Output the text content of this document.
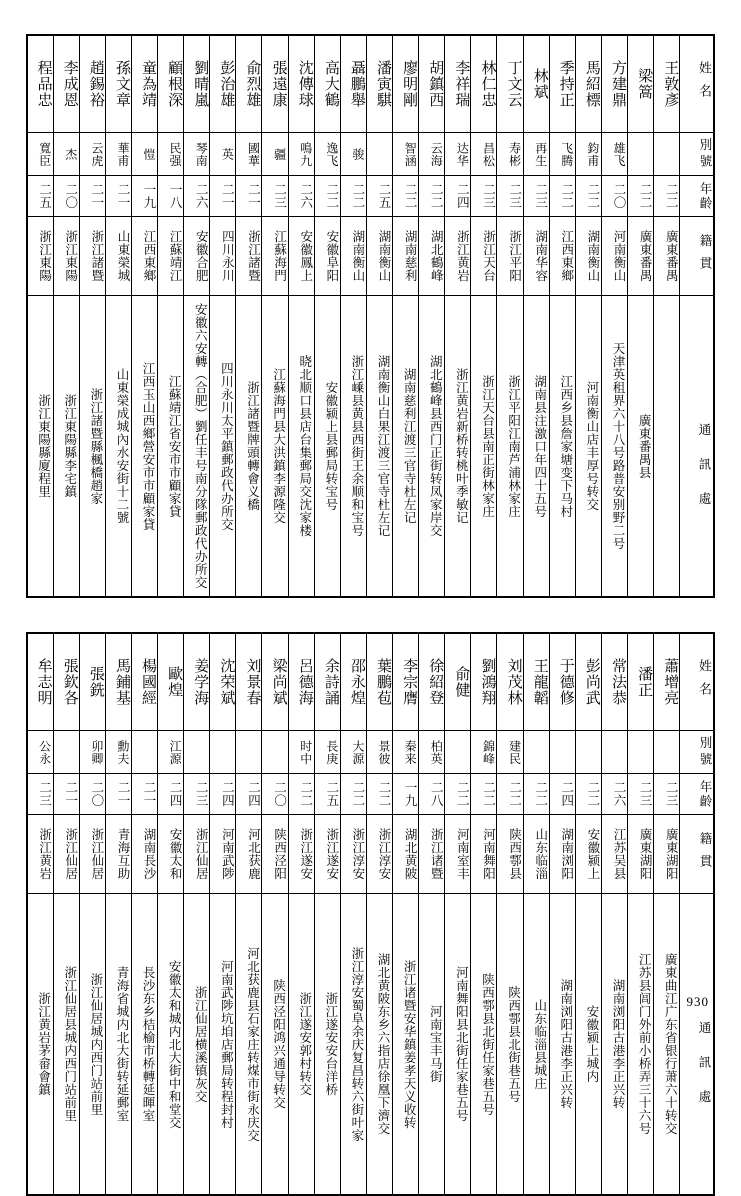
程品忠	李成恩	趙錫裕	孫文章	童為靖	顧根深	劉晴嵐	彭治雄	俞烈雄	張遠康	沈傳球	高大鶴	聶鵬舉	潘寅騏	廖明剛	胡鎮西	李祥瑞	林仁忠	丁文云	林斌	季持正	馬紹標	方建鼎	梁篙	王敦彥	姓名
寬臣	杰	云虎	華甫	愷	民强	琴南	英	國華	疆	鳴九	逸飞	骏		智涵	云海	达华	昌松	寿彬	再生	飞腾	鈞甫	雄飞			別號
二五	二〇	二一	二一	一九	一八	二六	二一	二一	二三	二六	二二	二二	二五	二二	二二	二四	二三	二三	二三	二二	二二	二〇	二二	二二	年齡
浙江東陽	浙江東陽	浙江諸暨	山東榮城	江西東鄉	江蘇靖江	安徽合肥	四川永川	浙江諸暨	江蘇海門	安徽鳳上	安徽阜阳	湖南衡山	湖南衡山	湖南慈利	湖北鶴峰	浙江黄岩	浙江天台	浙江平阳	湖南华容	江西東鄉	湖南衡山	河南衡山	廣東番禺	廣東番禺	籍貫
浙江東陽縣廈程里	浙江東陽縣李宅鎮	浙江諸暨縣楓橋趙家	山東榮成城內水安街十二號	江西玉山西鄉營安市市顧家貸	江蘇靖江省安市市顧家貸	安徽六安轉（合肥）劉任丰号南分隊郵政代办所交	四川永川太平鎮郵政代办所交	浙江諸暨牌頭轉會义橋	江蘇海門县大洪鎮李源隆交	晓北顺口县店台集郵局交沈家楼	安徽颍上县郵局转宝号	浙江嵊县黄县西街王余顺和宝号	湖南衡山白果江渡三官寺杜左记	湖南慈利江渡三官寺杜左记	湖北鶴峰县西门正街转凤家岸交	浙江黄岩新桥转桃叶季敏记	浙江天台县南正街林家庄	浙江平阳江南芦浦林家庄	湖南县注激口年四十五号	江西乡县詹家塘变下马村	河南衡山店丰厚号转交	天津英租界六十八号路普安别野二号	廣東番禺县		通訊處
牟志明	張欽各	張銑	馬鋪基	楊國經	歐煌	姜学海	沈荣斌	刘景春	梁尚斌	呂德海	余詩誦	邵永煌	葉鵬苞	李宗膺	徐紹登	俞健	劉鴻翔	刘茂林	王龍韜	于德修	彭尚武	常法恭	潘正	蕭增亮	姓名
公永		卯卿	勳夫		江源					时中	長庚	大源	景彼	秦来	柏英		錦峰	建民							別號
二三	二一	二〇	二一	二一	二四	二三	二四	二四	二〇	二二	二五	二二	二二	一九	二八	二二	二二	二二	二二	二四	二二	二六	二三	二三	年齡
浙江黄岩	浙江仙居	浙江仙居	青海互助	湖南長沙	安徽太和	浙江仙居	河南武陟	河北获鹿	陕西泾阳	浙江遂安	浙江遂安	浙江淳安	浙江淳安	湖北黄陂	浙江诸暨	河南室丰	河南舞阳	陕西鄠县	山东临淄	湖南浏阳	安徽颍上	江苏吴县	廣東湖阳	廣東湖阳	籍貫
浙江黄岩茅畲會鎮	浙江仙居县城内西门站前里	浙江仙居城内西门站前里	青海省城内北大街转延郵室	長沙东乡桔榆市桥轉延暉室	安徽太和城内北大街中和堂交	浙江仙居横溪镇灰交	河南武陟坑垍店郵局转程封村	河北获鹿县石家庄转煤市街永庆交	陕西泾阳鸿兴通导转交	浙江遂安郭村转交	浙江遂安安台洋桥	浙江淳安蜀阜余庆复昌转六街叶家	湖北黄陂东乡六指店徐凰下濟交	浙江诸暨安华鎮姜孝天义收转	河南宝丰马街	河南舞阳县北街任家巷五号	陕西鄠县北街任家巷五号	陕西鄠县北街巷五号	山东临淄县城庄	湖南浏阳古港李正兴转	安徽颍上城内	湖南浏阳古港李正兴转	江苏县闾门外前小桥弄三十六号	廣東曲江广东省银行萧六十转交	通訊處
930
